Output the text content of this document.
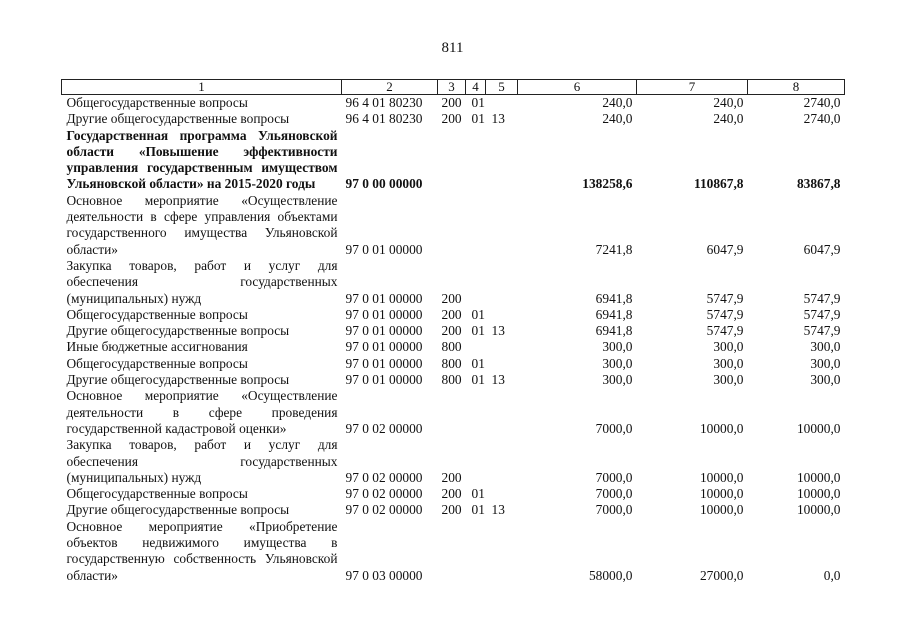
811
1	2	3	4	5	6	7	8
Общегосударственные вопросы	96 4 01 80230	200	01		240,0	240,0	2740,0
Другие общегосударственные вопросы	96 4 01 80230	200	01	13	240,0	240,0	2740,0
Государственная программа Ульяновской области «Повышение эффективности управления государственным имуществом Ульяновской области» на 2015-2020 годы	97 0 00 00000				138258,6	110867,8	83867,8
Основное мероприятие «Осуществление деятельности в сфере управления объектами государственного имущества Ульяновской области»	97 0 01 00000				7241,8	6047,9	6047,9
Закупка товаров, работ и услуг для обеспечения государственных (муниципальных) нужд	97 0 01 00000	200			6941,8	5747,9	5747,9
Общегосударственные вопросы	97 0 01 00000	200	01		6941,8	5747,9	5747,9
Другие общегосударственные вопросы	97 0 01 00000	200	01	13	6941,8	5747,9	5747,9
Иные бюджетные ассигнования	97 0 01 00000	800			300,0	300,0	300,0
Общегосударственные вопросы	97 0 01 00000	800	01		300,0	300,0	300,0
Другие общегосударственные вопросы	97 0 01 00000	800	01	13	300,0	300,0	300,0
Основное мероприятие «Осуществление деятельности в сфере проведения государственной кадастровой оценки»	97 0 02 00000				7000,0	10000,0	10000,0
Закупка товаров, работ и услуг для обеспечения государственных (муниципальных) нужд	97 0 02 00000	200			7000,0	10000,0	10000,0
Общегосударственные вопросы	97 0 02 00000	200	01		7000,0	10000,0	10000,0
Другие общегосударственные вопросы	97 0 02 00000	200	01	13	7000,0	10000,0	10000,0
Основное мероприятие «Приобретение объектов недвижимого имущества в государственную собственность Ульяновской области»	97 0 03 00000				58000,0	27000,0	0,0
